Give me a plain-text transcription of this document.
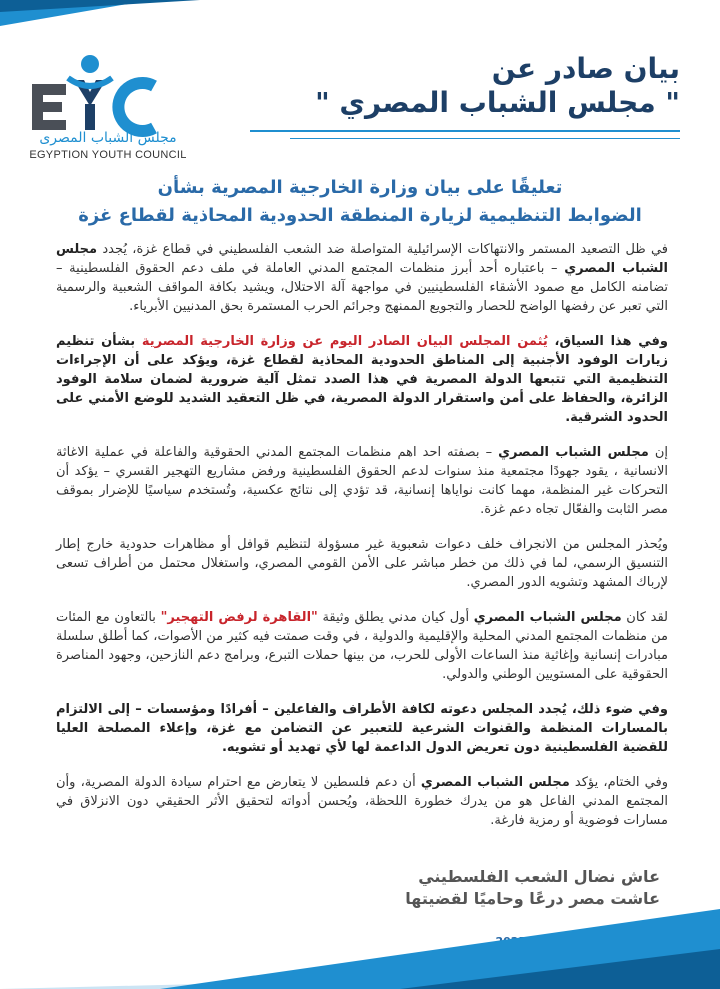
مجلس الشباب المصرى
EGYPTION YOUTH COUNCIL
بيان صادر عن
" مجلس الشباب المصري "
تعليقًا على بيان وزارة الخارجية المصرية بشأن
الضوابط التنظيمية لزيارة المنطقة الحدودية المحاذية لقطاع غزة

في ظل التصعيد المستمر والانتهاكات الإسرائيلية المتواصلة ضد الشعب الفلسطيني في قطاع غزة، يُجدد مجلس الشباب المصري – باعتباره أحد أبرز منظمات المجتمع المدني العاملة في ملف دعم الحقوق الفلسطينية – تضامنه الكامل مع صمود الأشقاء الفلسطينيين في مواجهة آلة الاحتلال، ويشيد بكافة المواقف الشعبية والرسمية التي تعبر عن رفضها الواضح للحصار والتجويع الممنهج وجرائم الحرب المستمرة بحق المدنيين الأبرياء.

وفي هذا السياق، يُثمن المجلس البيان الصادر اليوم عن وزارة الخارجية المصرية بشأن تنظيم زيارات الوفود الأجنبية إلى المناطق الحدودية المحاذية لقطاع غزة، ويؤكد على أن الإجراءات التنظيمية التي تتبعها الدولة المصرية في هذا الصدد تمثل آلية ضرورية لضمان سلامة الوفود الزائرة، والحفاظ على أمن واستقرار الدولة المصرية، في ظل التعقيد الشديد للوضع الأمني على الحدود الشرقية.

إن مجلس الشباب المصري – بصفته احد اهم منظمات المجتمع المدني الحقوقية والفاعلة في عملية الاغاثة الانسانية ، يقود جهودًا مجتمعية منذ سنوات لدعم الحقوق الفلسطينية ورفض مشاريع التهجير القسري – يؤكد أن التحركات غير المنظمة، مهما كانت نواياها إنسانية، قد تؤدي إلى نتائج عكسية، وتُستخدم سياسيًا للإضرار بموقف مصر الثابت والفعّال تجاه دعم غزة.

ويُحذر المجلس من الانجراف خلف دعوات شعبوية غير مسؤولة لتنظيم قوافل أو مظاهرات حدودية خارج إطار التنسيق الرسمي، لما في ذلك من خطر مباشر على الأمن القومي المصري، واستغلال محتمل من أطراف تسعى لإرباك المشهد وتشويه الدور المصري.

لقد كان مجلس الشباب المصري أول كيان مدني يطلق وثيقة "القاهرة لرفض التهجير" بالتعاون مع المئات من منظمات المجتمع المدني المحلية والإقليمية والدولية ، في وقت صمتت فيه كثير من الأصوات، كما أطلق سلسلة مبادرات إنسانية وإغاثية منذ الساعات الأولى للحرب، من بينها حملات التبرع، وبرامج دعم النازحين، وجهود المناصرة الحقوقية على المستويين الوطني والدولي.

وفي ضوء ذلك، يُجدد المجلس دعوته لكافة الأطراف والفاعلين – أفرادًا ومؤسسات – إلى الالتزام بالمسارات المنظمة والقنوات الشرعية للتعبير عن التضامن مع غزة، وإعلاء المصلحة العليا للقضية الفلسطينية دون تعريض الدول الداعمة لها لأي تهديد أو تشويه.

وفي الختام، يؤكد مجلس الشباب المصري أن دعم فلسطين لا يتعارض مع احترام سيادة الدولة المصرية، وأن المجتمع المدني الفاعل هو من يدرك خطورة اللحظة، ويُحسن أدواته لتحقيق الأثر الحقيقي دون الانزلاق في مسارات فوضوية أو رمزية فارغة.

عاش نضال الشعب الفلسطيني
عاشت مصر درعًا وحاميًا لقضيتها
صادر بتاريخ: الثلاثاء 10 يونيو 2025
مجلس الشباب المصري – المكتب الإعلامي
